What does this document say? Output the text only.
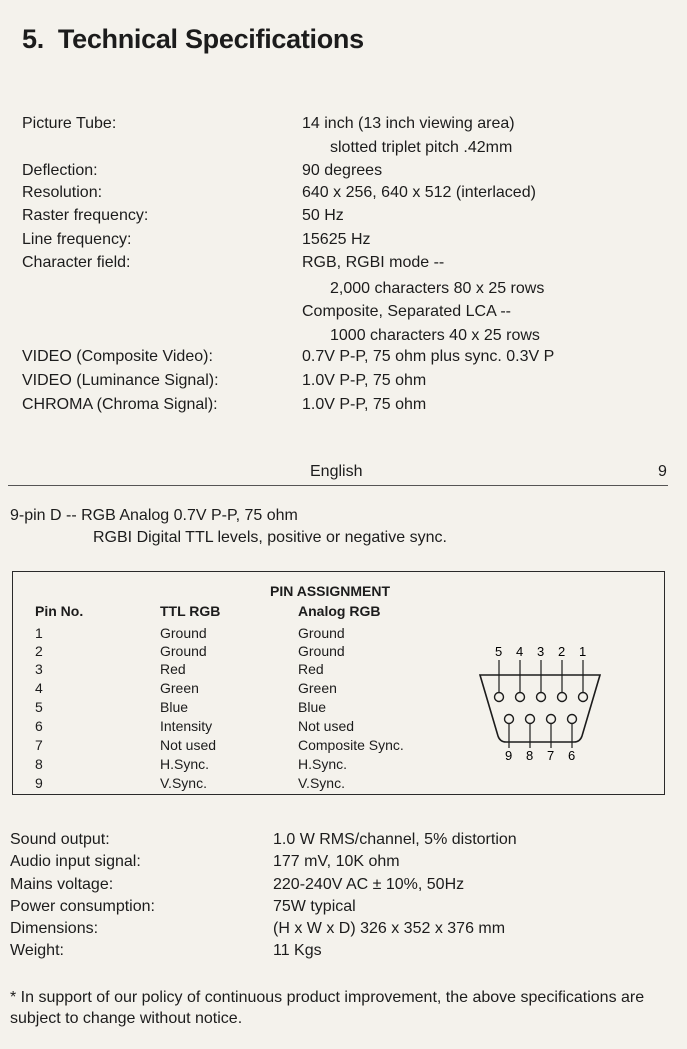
5. Technical Specifications
Picture Tube:	14 inch (13 inch viewing area)
slotted triplet pitch .42mm
Deflection:	90 degrees
Resolution:	640 x 256, 640 x 512 (interlaced)
Raster frequency:	50 Hz
Line frequency:	15625 Hz
Character field:	RGB, RGBI mode --
2,000 characters 80 x 25 rows
Composite, Separated LCA --
1000 characters 40 x 25 rows
VIDEO (Composite Video):	0.7V P-P, 75 ohm plus sync. 0.3V P
VIDEO (Luminance Signal):	1.0V P-P, 75 ohm
CHROMA (Chroma Signal):	1.0V P-P, 75 ohm
English	9
9-pin D -- RGB Analog 0.7V P-P, 75 ohm
RGBI Digital TTL levels, positive or negative sync.
PIN ASSIGNMENT
Pin No.	TTL RGB	Analog RGB
1	Ground	Ground
2	Ground	Ground
3	Red	Red
4	Green	Green
5	Blue	Blue
6	Intensity	Not used
7	Not used	Composite Sync.
8	H.Sync.	H.Sync.
9	V.Sync.	V.Sync.
5 4 3 2 1
9 8 7 6
Sound output:	1.0 W RMS/channel, 5% distortion
Audio input signal:	177 mV, 10K ohm
Mains voltage:	220-240V AC ± 10%, 50Hz
Power consumption:	75W typical
Dimensions:	(H x W x D) 326 x 352 x 376 mm
Weight:	11 Kgs
* In support of our policy of continuous product improvement, the above specifications are subject to change without notice.
